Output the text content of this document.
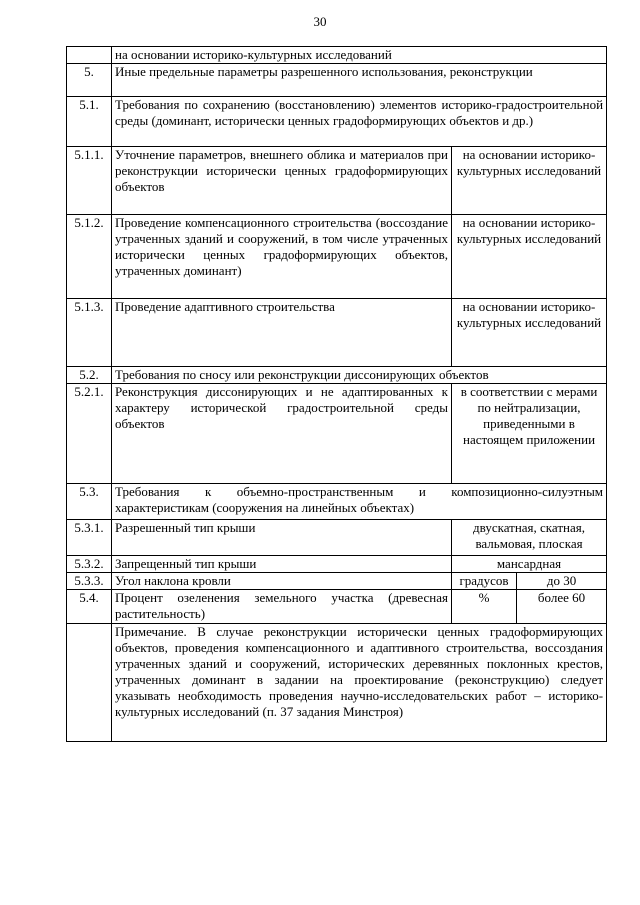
30
	на основании историко-культурных исследований		
5.	Иные предельные параметры разрешенного использования, реконструкции		
5.1.	Требования по сохранению (восстановлению) элементов историко-градостроительной среды (доминант, исторически ценных градоформирующих объектов и др.)		
5.1.1.	Уточнение параметров, внешнего облика и материалов при реконструкции исторически ценных градоформирующих объектов	на основании историко-культурных исследований	
5.1.2.	Проведение компенсационного строительства (воссоздание утраченных зданий и сооружений, в том числе утраченных исторически ценных градоформирующих объектов, утраченных доминант)	на основании историко-культурных исследований	
5.1.3.	Проведение адаптивного строительства	на основании историко-культурных исследований	
5.2.	Требования по сносу или реконструкции диссонирующих объектов		
5.2.1.	Реконструкция диссонирующих и не адаптированных к характеру исторической градостроительной среды объектов	в соответствии с мерами по нейтрализации, приведенными в настоящем приложении	
5.3.	Требования к объемно-пространственным и композиционно-силуэтным характеристикам (сооружения на линейных объектах)		
5.3.1.	Разрешенный тип крыши	двускатная, скатная, вальмовая, плоская	
5.3.2.	Запрещенный тип крыши	мансардная	
5.3.3.	Угол наклона кровли	градусов	до 30
5.4.	Процент озеленения земельного участка (древесная растительность)	%	более 60
	Примечание. В случае реконструкции исторически ценных градоформирующих объектов, проведения компенсационного и адаптивного строительства, воссоздания утраченных зданий и сооружений, исторических деревянных поклонных крестов, утраченных доминант в задании на проектирование (реконструкцию) следует указывать необходимость проведения научно-исследовательских работ – историко-культурных исследований (п. 37 задания Минстроя)		
